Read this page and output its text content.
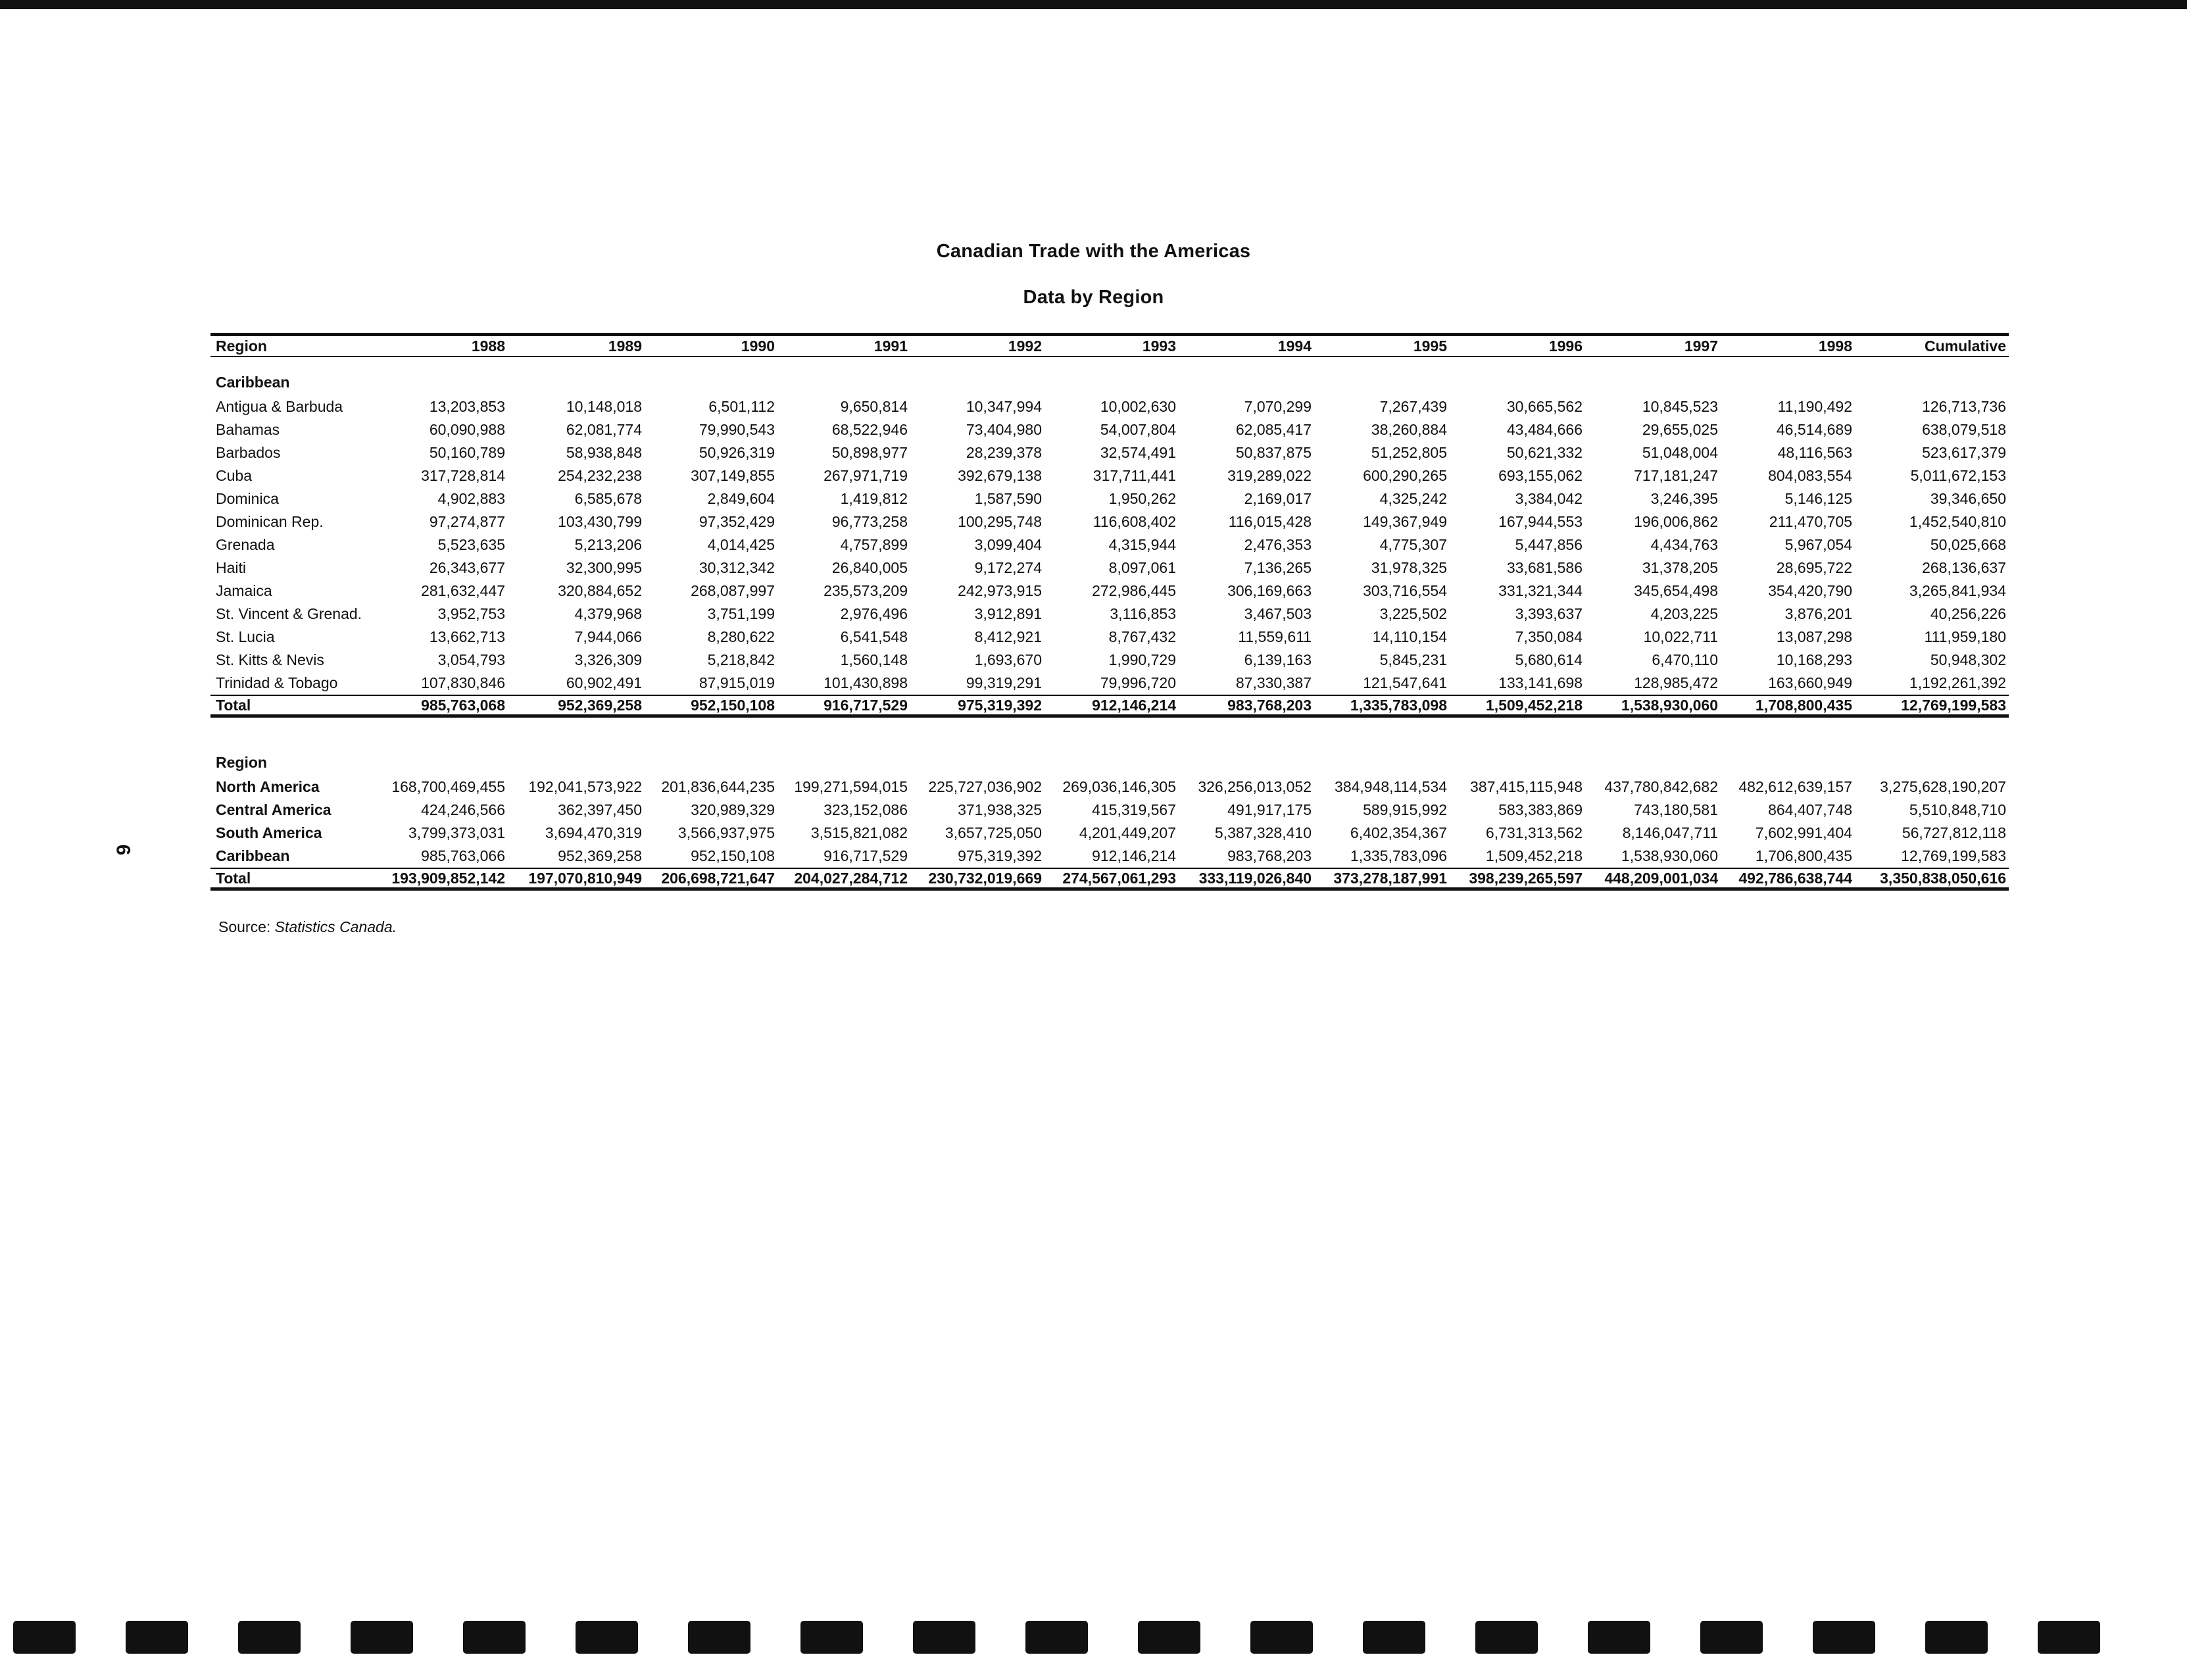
Canadian Trade with the Americas
Data by Region
6
Region	1988	1989	1990	1991	1992	1993	1994	1995	1996	1997	1998	Cumulative
Caribbean												
Antigua & Barbuda	13,203,853	10,148,018	6,501,112	9,650,814	10,347,994	10,002,630	7,070,299	7,267,439	30,665,562	10,845,523	11,190,492	126,713,736
Bahamas	60,090,988	62,081,774	79,990,543	68,522,946	73,404,980	54,007,804	62,085,417	38,260,884	43,484,666	29,655,025	46,514,689	638,079,518
Barbados	50,160,789	58,938,848	50,926,319	50,898,977	28,239,378	32,574,491	50,837,875	51,252,805	50,621,332	51,048,004	48,116,563	523,617,379
Cuba	317,728,814	254,232,238	307,149,855	267,971,719	392,679,138	317,711,441	319,289,022	600,290,265	693,155,062	717,181,247	804,083,554	5,011,672,153
Dominica	4,902,883	6,585,678	2,849,604	1,419,812	1,587,590	1,950,262	2,169,017	4,325,242	3,384,042	3,246,395	5,146,125	39,346,650
Dominican Rep.	97,274,877	103,430,799	97,352,429	96,773,258	100,295,748	116,608,402	116,015,428	149,367,949	167,944,553	196,006,862	211,470,705	1,452,540,810
Grenada	5,523,635	5,213,206	4,014,425	4,757,899	3,099,404	4,315,944	2,476,353	4,775,307	5,447,856	4,434,763	5,967,054	50,025,668
Haiti	26,343,677	32,300,995	30,312,342	26,840,005	9,172,274	8,097,061	7,136,265	31,978,325	33,681,586	31,378,205	28,695,722	268,136,637
Jamaica	281,632,447	320,884,652	268,087,997	235,573,209	242,973,915	272,986,445	306,169,663	303,716,554	331,321,344	345,654,498	354,420,790	3,265,841,934
St. Vincent & Grenad.	3,952,753	4,379,968	3,751,199	2,976,496	3,912,891	3,116,853	3,467,503	3,225,502	3,393,637	4,203,225	3,876,201	40,256,226
St. Lucia	13,662,713	7,944,066	8,280,622	6,541,548	8,412,921	8,767,432	11,559,611	14,110,154	7,350,084	10,022,711	13,087,298	111,959,180
St. Kitts & Nevis	3,054,793	3,326,309	5,218,842	1,560,148	1,693,670	1,990,729	6,139,163	5,845,231	5,680,614	6,470,110	10,168,293	50,948,302
Trinidad & Tobago	107,830,846	60,902,491	87,915,019	101,430,898	99,319,291	79,996,720	87,330,387	121,547,641	133,141,698	128,985,472	163,660,949	1,192,261,392
Total	985,763,068	952,369,258	952,150,108	916,717,529	975,319,392	912,146,214	983,768,203	1,335,783,098	1,509,452,218	1,538,930,060	1,708,800,435	12,769,199,583

Region												
North America	168,700,469,455	192,041,573,922	201,836,644,235	199,271,594,015	225,727,036,902	269,036,146,305	326,256,013,052	384,948,114,534	387,415,115,948	437,780,842,682	482,612,639,157	3,275,628,190,207
Central America	424,246,566	362,397,450	320,989,329	323,152,086	371,938,325	415,319,567	491,917,175	589,915,992	583,383,869	743,180,581	864,407,748	5,510,848,710
South America	3,799,373,031	3,694,470,319	3,566,937,975	3,515,821,082	3,657,725,050	4,201,449,207	5,387,328,410	6,402,354,367	6,731,313,562	8,146,047,711	7,602,991,404	56,727,812,118
Caribbean	985,763,066	952,369,258	952,150,108	916,717,529	975,319,392	912,146,214	983,768,203	1,335,783,096	1,509,452,218	1,538,930,060	1,706,800,435	12,769,199,583
Total	193,909,852,142	197,070,810,949	206,698,721,647	204,027,284,712	230,732,019,669	274,567,061,293	333,119,026,840	373,278,187,991	398,239,265,597	448,209,001,034	492,786,638,744	3,350,838,050,616
Source: Statistics Canada.
